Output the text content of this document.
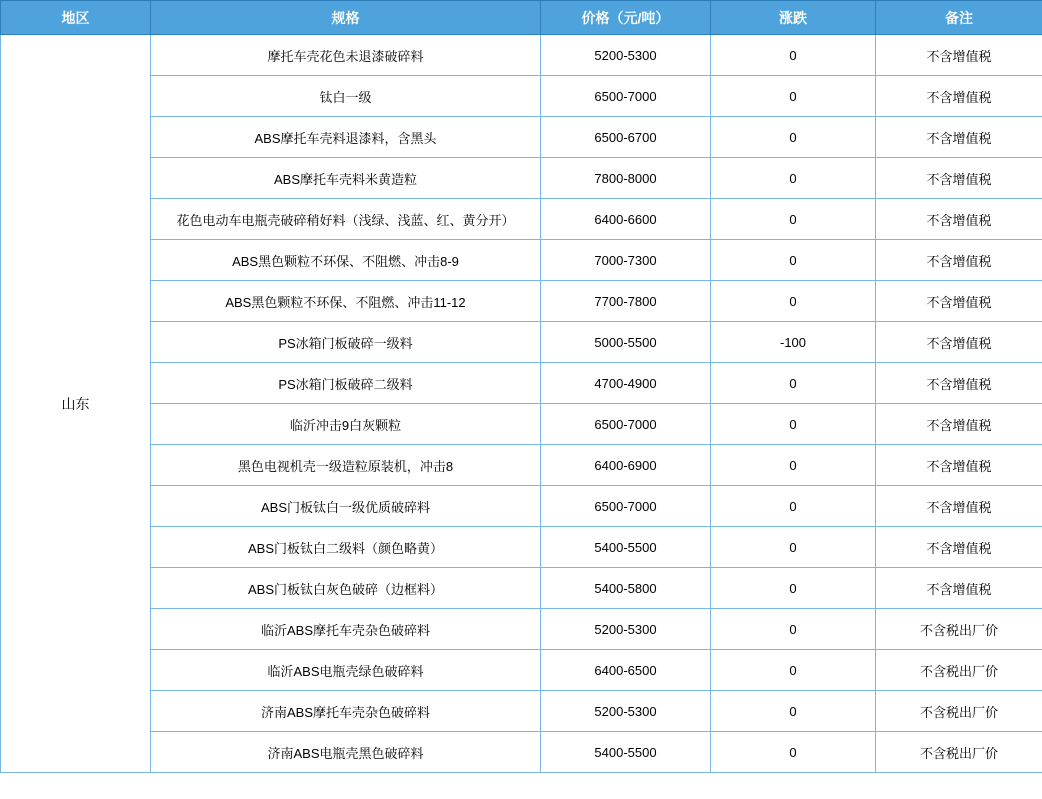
地区	规格	价格（元/吨）	涨跌	备注
山东	摩托车壳花色未退漆破碎料	5200-5300	0	不含增值税
	钛白一级	6500-7000	0	不含增值税
	ABS摩托车壳料退漆料，含黑头	6500-6700	0	不含增值税
	ABS摩托车壳料米黄造粒	7800-8000	0	不含增值税
	花色电动车电瓶壳破碎稍好料（浅绿、浅蓝、红、黄分开）	6400-6600	0	不含增值税
	ABS黑色颗粒不环保、不阻燃、冲击8-9	7000-7300	0	不含增值税
	ABS黑色颗粒不环保、不阻燃、冲击11-12	7700-7800	0	不含增值税
	PS冰箱门板破碎一级料	5000-5500	-100	不含增值税
	PS冰箱门板破碎二级料	4700-4900	0	不含增值税
	临沂冲击9白灰颗粒	6500-7000	0	不含增值税
	黑色电视机壳一级造粒原装机，冲击8	6400-6900	0	不含增值税
	ABS门板钛白一级优质破碎料	6500-7000	0	不含增值税
	ABS门板钛白二级料（颜色略黄）	5400-5500	0	不含增值税
	ABS门板钛白灰色破碎（边框料）	5400-5800	0	不含增值税
	临沂ABS摩托车壳杂色破碎料	5200-5300	0	不含税出厂价
	临沂ABS电瓶壳绿色破碎料	6400-6500	0	不含税出厂价
	济南ABS摩托车壳杂色破碎料	5200-5300	0	不含税出厂价
	济南ABS电瓶壳黑色破碎料	5400-5500	0	不含税出厂价
